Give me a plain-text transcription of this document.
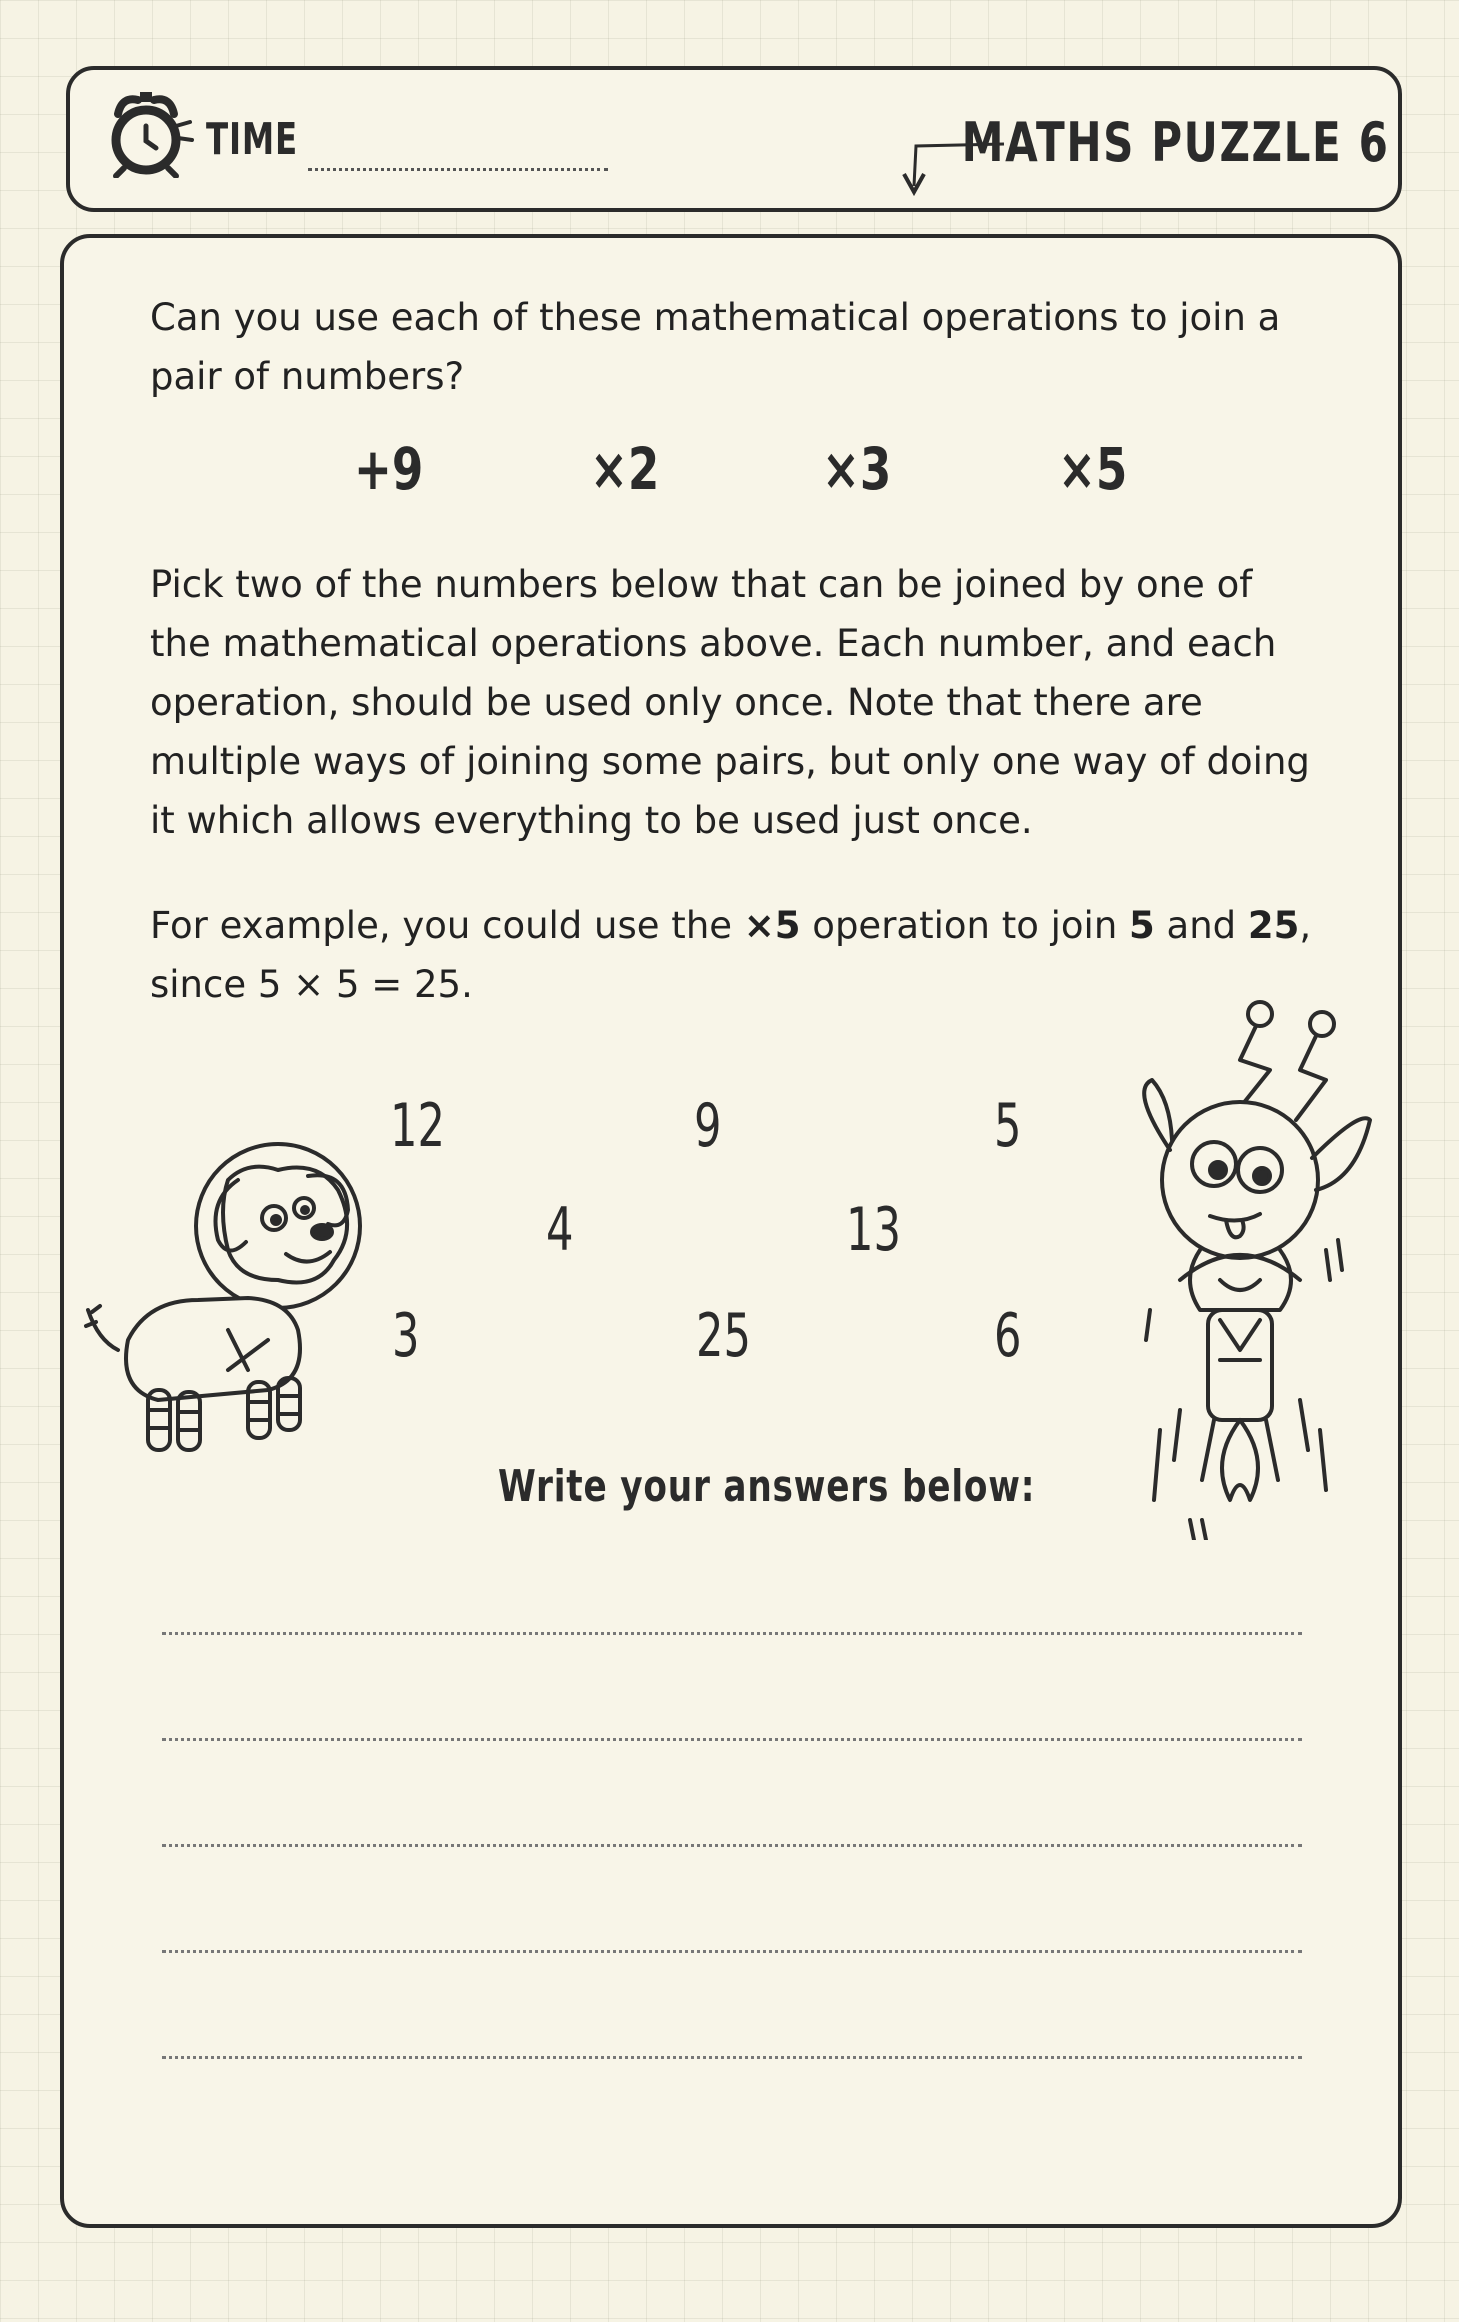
TIME	MATHS PUZZLE 6

Can you use each of these mathematical operations to join a pair of numbers?

+9	×2	×3	×5

Pick two of the numbers below that can be joined by one of the mathematical operations above. Each number, and each operation, should be used only once. Note that there are multiple ways of joining some pairs, but only one way of doing it which allows everything to be used just once.

For example, you could use the ×5 operation to join 5 and 25,
since 5 × 5 = 25.

12	9	5
4	13
3	25	6
Write your answers below:
